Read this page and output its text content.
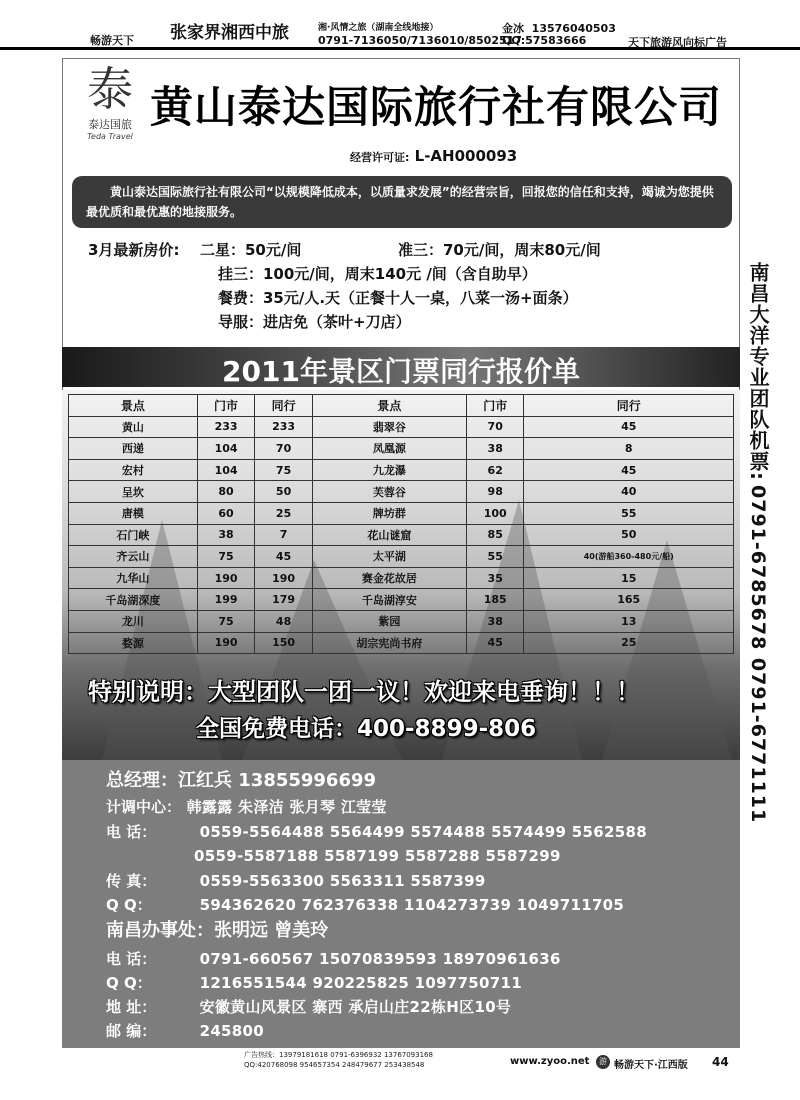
畅游天下 张家界湘西中旅	湘·风情之旅（湖南全线地接）	金冰 13576040503
0791-7136050/7136010/8502517
QQ:57583666	天下旅游风向标广告
泰
泰达国旅
Teda Travel
黄山泰达国际旅行社有限公司
经营许可证: L-AH000093
黄山泰达国际旅行社有限公司“以规模降低成本，以质量求发展”的经营宗旨，回报您的信任和支持，竭诚为您提供最优质和最优惠的地接服务。
3月最新房价: 二星：50元/间	准三：70元/间，周末80元/间
挂三：100元/间，周末140元 /间（含自助早）
餐费：35元/人.天（正餐十人一桌，八菜一汤+面条）
导服：进店免（茶叶+刀店）
2011年景区门票同行报价单
景点	门市	同行	景点	门市	同行
黄山	233	233	翡翠谷	70	45
西递	104	70	凤凰源	38	8
宏村	104	75	九龙瀑	62	45
呈坎	80	50	芙蓉谷	98	40
唐模	60	25	牌坊群	100	55
石门峡	38	7	花山谜窟	85	50
齐云山	75	45	太平湖	55	40(游船360-480元/船)
九华山	190	190	赛金花故居	35	15
千岛湖深度	199	179	千岛湖淳安	185	165
龙川	75	48	紫园	38	13
婺源	190	150	胡宗宪尚书府	45	25
特别说明：大型团队一团一议！欢迎来电垂询！！！
全国免费电话：400-8899-806
总经理：江红兵 13855996699
计调中心： 韩露露 朱泽洁 张月琴 江莹莹
电 话：	0559-5564488 5564499 5574488 5574499 5562588
0559-5587188 5587199 5587288 5587299
传 真：	0559-5563300 5563311 5587399
Q Q：	594362620 762376338 1104273739 1049711705
南昌办事处：张明远 曾美玲
电 话：	0791-660567 15070839593 18970961636
Q Q：	1216551544 920225825 1097750711
地 址：	安徽黄山风景区 寨西 承启山庄22栋H区10号
邮 编：	245800
南昌大洋专业团队机票:
0791-6785678 0791-6771111
广告热线：13979181618 0791-6396932 13767093168
QQ:420768098 954657354 248479677 253438548	www.zyoo.net	游 畅游天下·江西版 44
